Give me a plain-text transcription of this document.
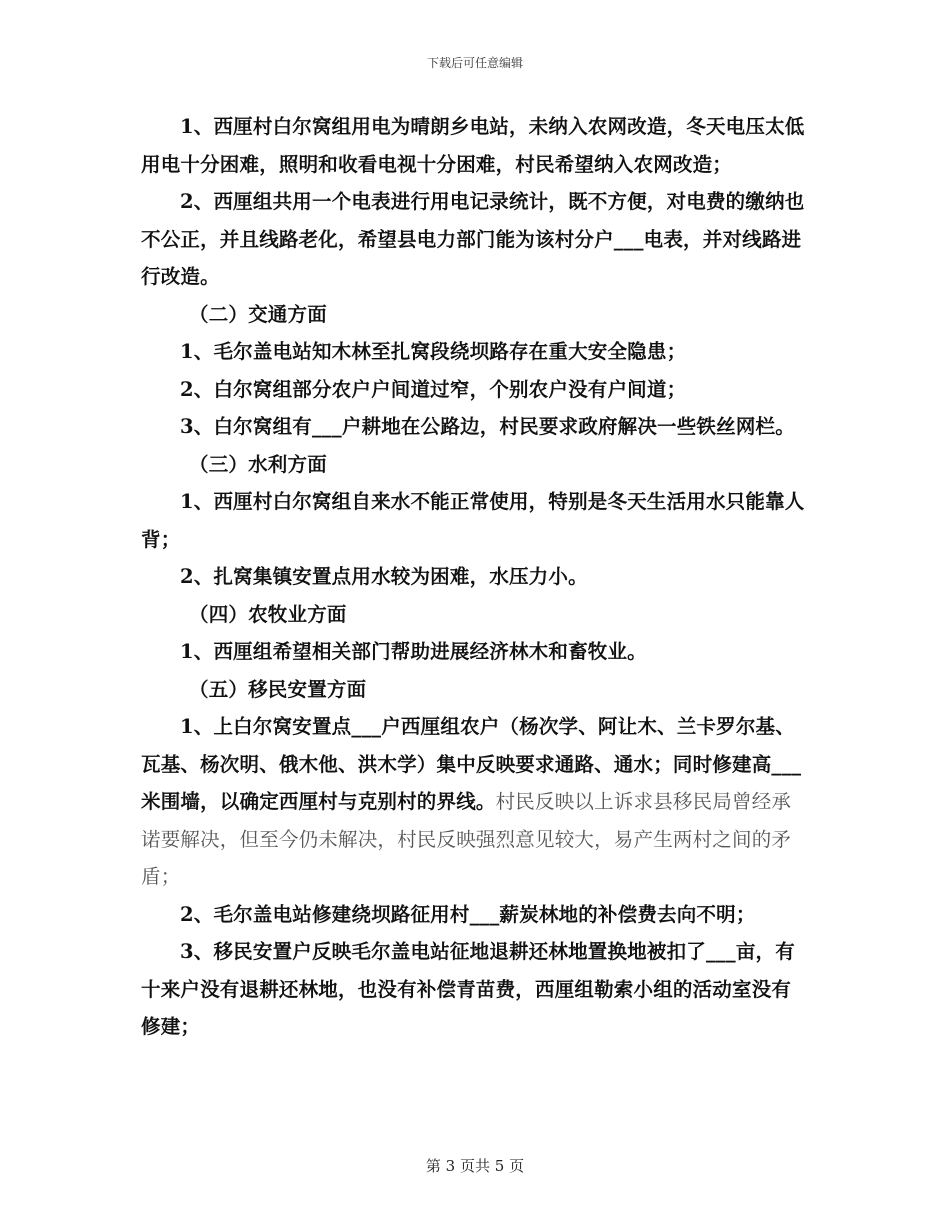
下载后可任意编辑

1、西厘村白尔窝组用电为晴朗乡电站，未纳入农网改造，冬天电压太低用电十分困难，照明和收看电视十分困难，村民希望纳入农网改造；

2、西厘组共用一个电表进行用电记录统计，既不方便，对电费的缴纳也不公正，并且线路老化，希望县电力部门能为该村分户___电表，并对线路进行改造。

（二）交通方面

1、毛尔盖电站知木林至扎窝段绕坝路存在重大安全隐患；

2、白尔窝组部分农户户间道过窄，个别农户没有户间道；

3、白尔窝组有___户耕地在公路边，村民要求政府解决一些铁丝网栏。

（三）水利方面

1、西厘村白尔窝组自来水不能正常使用，特别是冬天生活用水只能靠人背；

2、扎窝集镇安置点用水较为困难，水压力小。

（四）农牧业方面

1、西厘组希望相关部门帮助进展经济林木和畜牧业。

（五）移民安置方面

1、上白尔窝安置点___户西厘组农户（杨次学、阿让木、兰卡罗尔基、瓦基、杨次明、俄木他、洪木学）集中反映要求通路、通水；同时修建高___米围墙，以确定西厘村与克别村的界线。村民反映以上诉求县移民局曾经承诺要解决，但至今仍未解决，村民反映强烈意见较大，易产生两村之间的矛盾；

2、毛尔盖电站修建绕坝路征用村___薪炭林地的补偿费去向不明；

3、移民安置户反映毛尔盖电站征地退耕还林地置换地被扣了___亩，有十来户没有退耕还林地，也没有补偿青苗费，西厘组勒索小组的活动室没有修建；

第 3 页共 5 页
